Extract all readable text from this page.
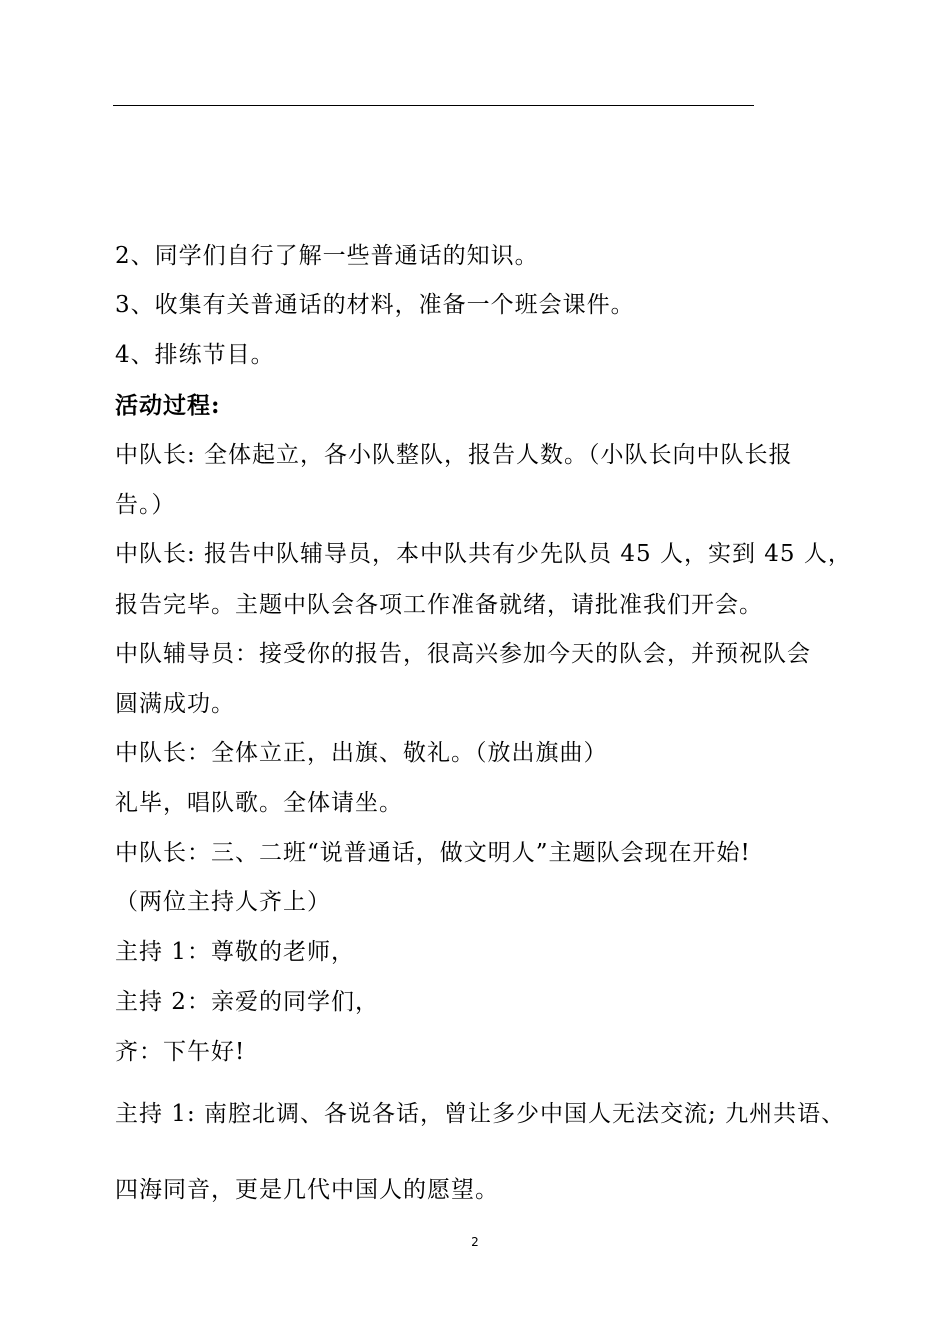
2、同学们自行了解一些普通话的知识。
3、收集有关普通话的材料，准备一个班会课件。
4、排练节目。
活动过程:
中队长: 全体起立，各小队整队，报告人数。（小队长向中队长报
告。）
中队长: 报告中队辅导员，本中队共有少先队员 45 人，实到 45 人，
报告完毕。主题中队会各项工作准备就绪，请批准我们开会。
中队辅导员：接受你的报告，很高兴参加今天的队会，并预祝队会
圆满成功。
中队长：全体立正，出旗、敬礼。（放出旗曲）
礼毕，唱队歌。全体请坐。
中队长：三、二班“说普通话，做文明人”主题队会现在开始!
（两位主持人齐上）
主持 1：尊敬的老师，
主持 2：亲爱的同学们，
齐：下午好!
主持 1: 南腔北调、各说各话，曾让多少中国人无法交流; 九州共语、
四海同音，更是几代中国人的愿望。
2
